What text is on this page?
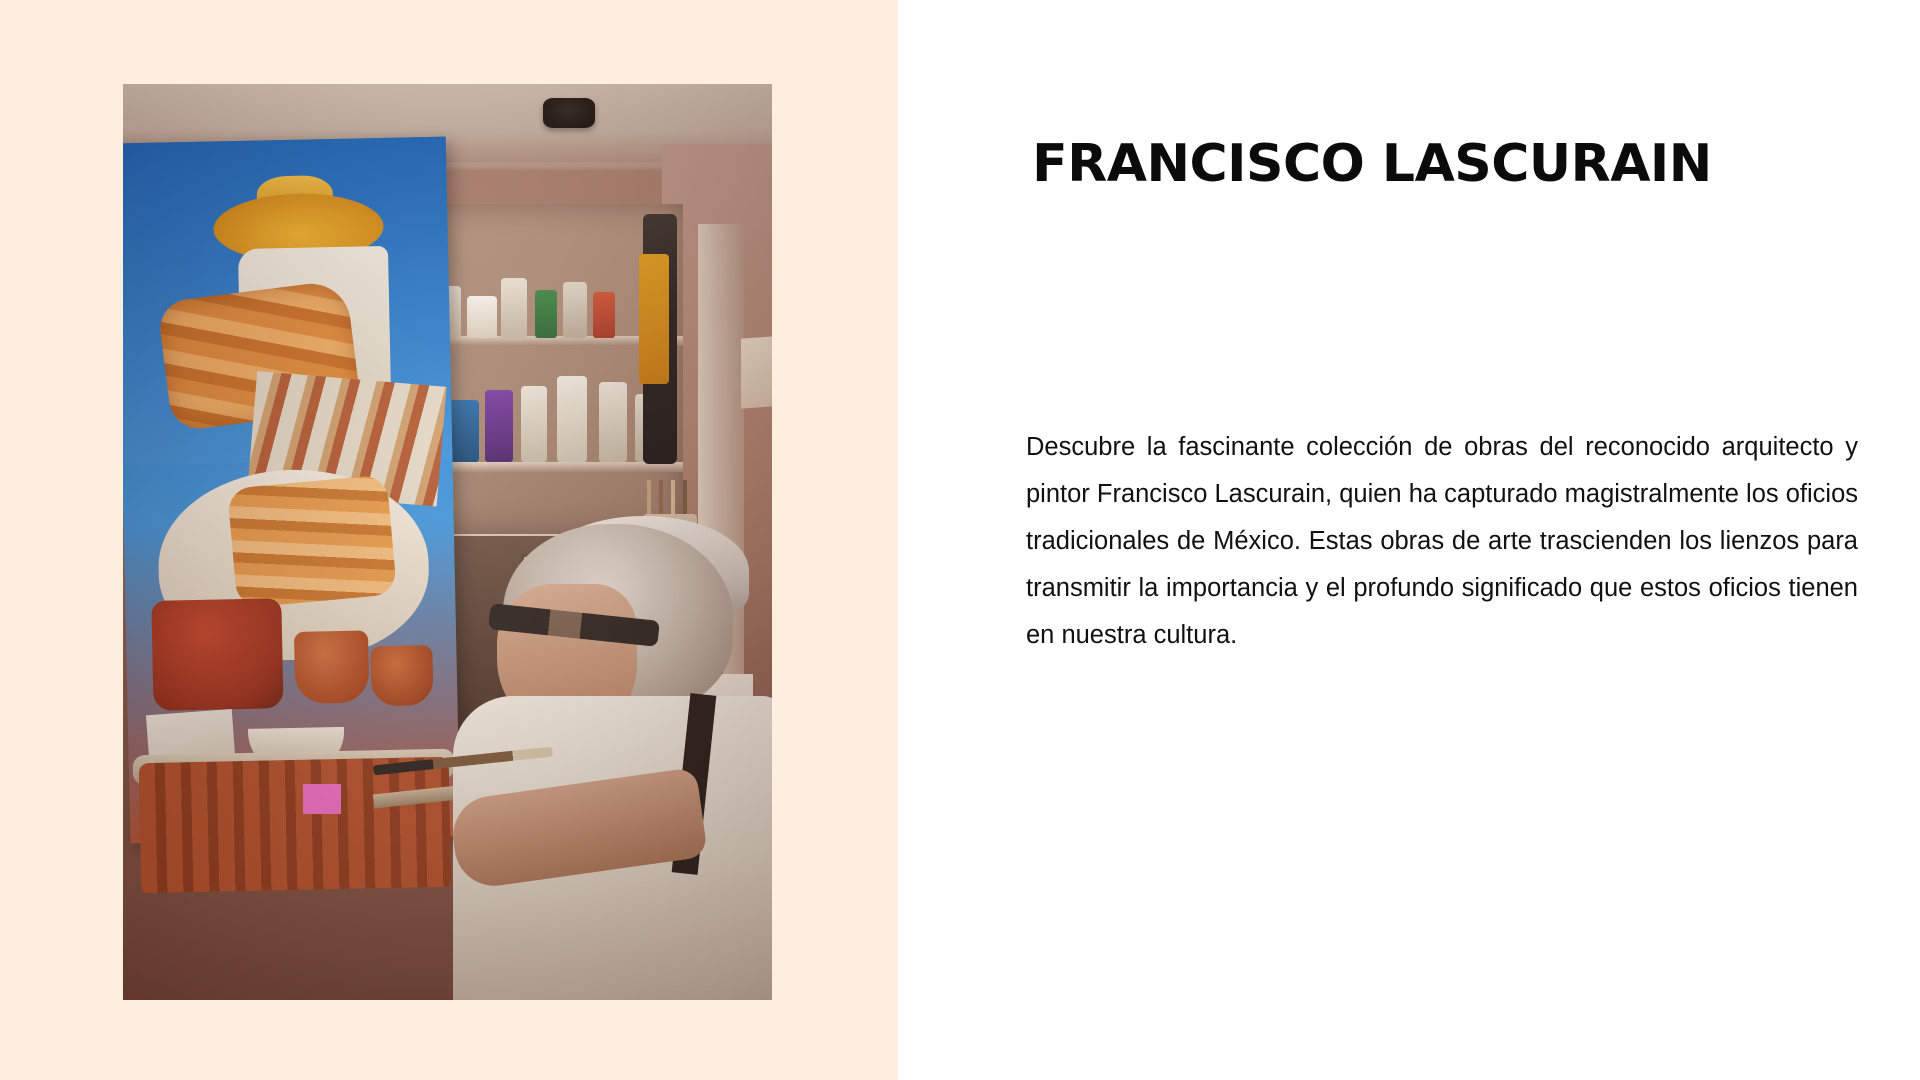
FRANCISCO LASCURAIN

Descubre la fascinante colección de obras del reconocido arquitecto y pintor Francisco Lascurain, quien ha capturado magistralmente los oficios tradicionales de México. Estas obras de arte trascienden los lienzos para transmitir la importancia y el profundo significado que estos oficios tienen en nuestra cultura.
